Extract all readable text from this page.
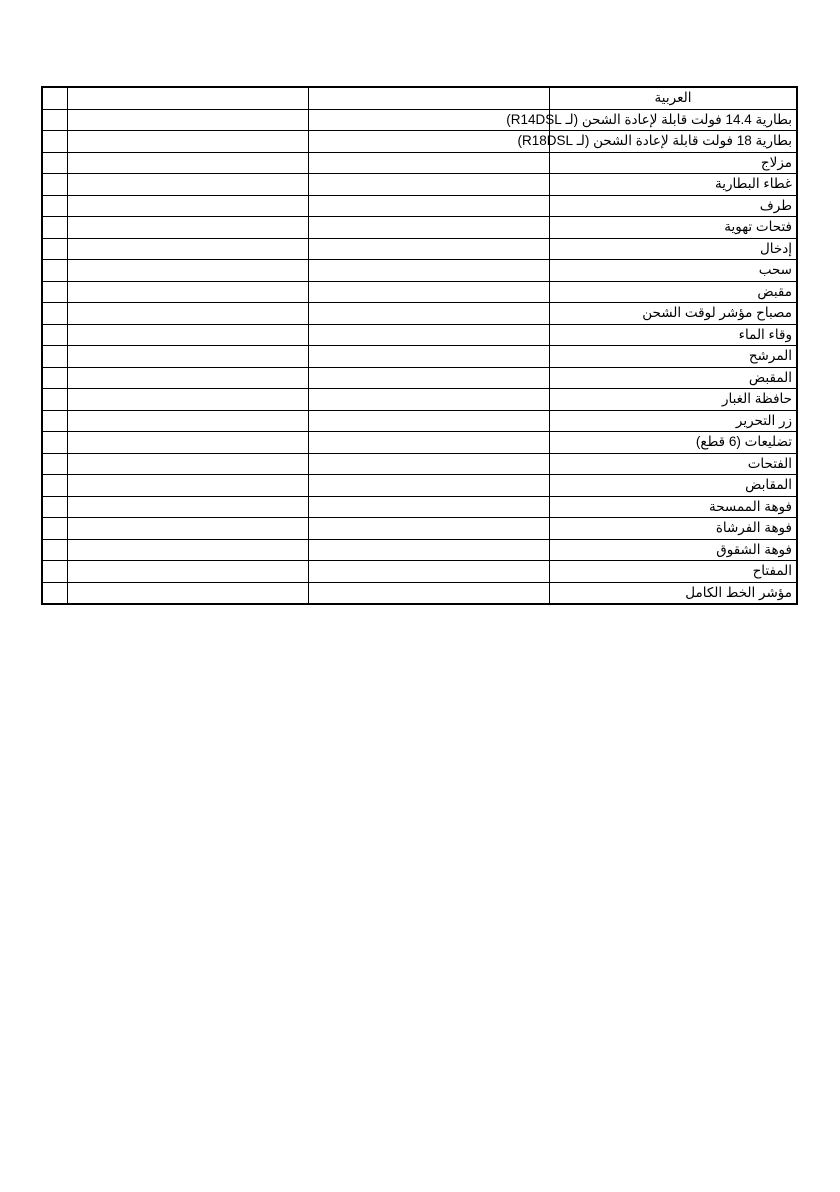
			العربية
			بطارية 14.4 فولت قابلة لإعادة الشحن (لـ R14DSL)
			بطارية 18 فولت قابلة لإعادة الشحن (لـ R18DSL)
			مزلاج
			غطاء البطارية
			طرف
			فتحات تهوية
			إدخال
			سحب
			مقبض
			مصباح مؤشر لوقت الشحن
			وقاء الماء
			المرشح
			المقبض
			حافظة الغبار
			زر التحرير
			تضليعات (6 قطع)
			الفتحات
			المقابض
			فوهة الممسحة
			فوهة الفرشاة
			فوهة الشقوق
			المفتاح
			مؤشر الخط الكامل
